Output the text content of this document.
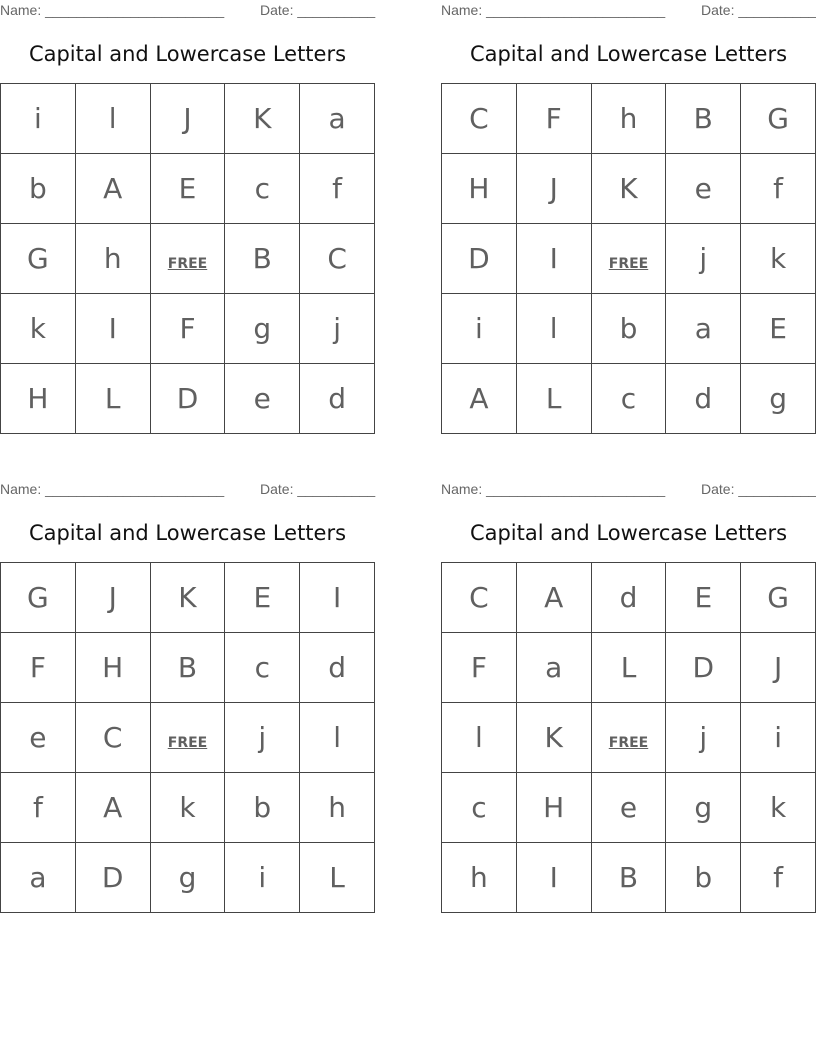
Name: _______________________	Date: __________
Capital and Lowercase Letters
i	l	J	K	a
b	A	E	c	f
G	h	FREE	B	C
k	I	F	g	j
H	L	D	e	d
Name: _______________________	Date: __________
Capital and Lowercase Letters
C	F	h	B	G
H	J	K	e	f
D	I	FREE	j	k
i	l	b	a	E
A	L	c	d	g
Name: _______________________	Date: __________
Capital and Lowercase Letters
G	J	K	E	I
F	H	B	c	d
e	C	FREE	j	l
f	A	k	b	h
a	D	g	i	L
Name: _______________________	Date: __________
Capital and Lowercase Letters
C	A	d	E	G
F	a	L	D	J
l	K	FREE	j	i
c	H	e	g	k
h	I	B	b	f
